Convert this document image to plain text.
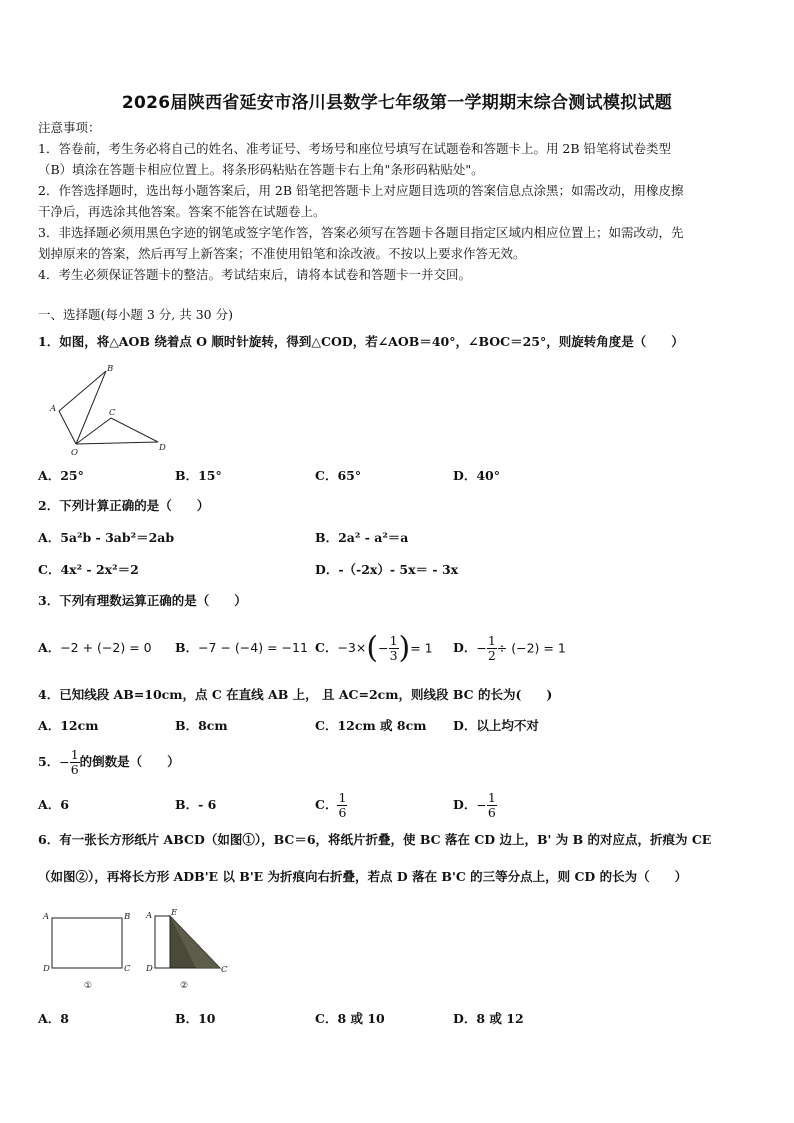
2026届陕西省延安市洛川县数学七年级第一学期期末综合测试模拟试题
注意事项：
1．答卷前，考生务必将自己的姓名、准考证号、考场号和座位号填写在试题卷和答题卡上。用 2B 铅笔将试卷类型
（B）填涂在答题卡相应位置上。将条形码粘贴在答题卡右上角"条形码粘贴处"。
2．作答选择题时，选出每小题答案后，用 2B 铅笔把答题卡上对应题目选项的答案信息点涂黑；如需改动，用橡皮擦
干净后，再选涂其他答案。答案不能答在试题卷上。
3．非选择题必须用黑色字迹的钢笔或签字笔作答，答案必须写在答题卡各题目指定区域内相应位置上；如需改动，先
划掉原来的答案，然后再写上新答案；不准使用铅笔和涂改液。不按以上要求作答无效。
4．考生必须保证答题卡的整洁。考试结束后，请将本试卷和答题卡一并交回。
一、选择题(每小题 3 分, 共 30 分)
1．如图，将△AOB 绕着点 O 顺时针旋转，得到△COD，若∠AOB＝40°，∠BOC＝25°，则旋转角度是（　　）
A
B
C
D
O
A．25°	B．15°	C．65°	D．40°
2．下列计算正确的是（　　）
A．5a²b - 3ab²＝2ab	B．2a² - a²＝a
C．4x² - 2x²＝2	D．-（-2x）- 5x＝ - 3x
3．下列有理数运算正确的是（　　）
A．−2 + (−2) = 0 B．−7 − (−4) = −11 C．$-3\times(- \frac{1}{3}$ )= 1 D．− $\frac{1}{2} \div (-2) = 1$
4．已知线段 AB=10cm，点 C 在直线 AB 上， 且 AC=2cm，则线段 BC 的长为(　　)
A．12cm	B．8cm	C．12cm 或 8cm D．以上均不对
5．− $\frac{1}{6}$ 的倒数是（　　）
A．6	B．- 6	C． $\frac{1}{6}$	D．− $\frac{1}{6}$
6．有一张长方形纸片 ABCD（如图①），BC＝6，将纸片折叠，使 BC 落在 CD 边上，B' 为 B 的对应点，折痕为 CE
（如图②），再将长方形 ADB'E 以 B'E 为折痕向右折叠，若点 D 落在 B'C 的三等分点上，则 CD 的长为（　　）
A	B
D	C
①
A E
D	C
②
A．8	B．10	C．8 或 10	D．8 或 12
